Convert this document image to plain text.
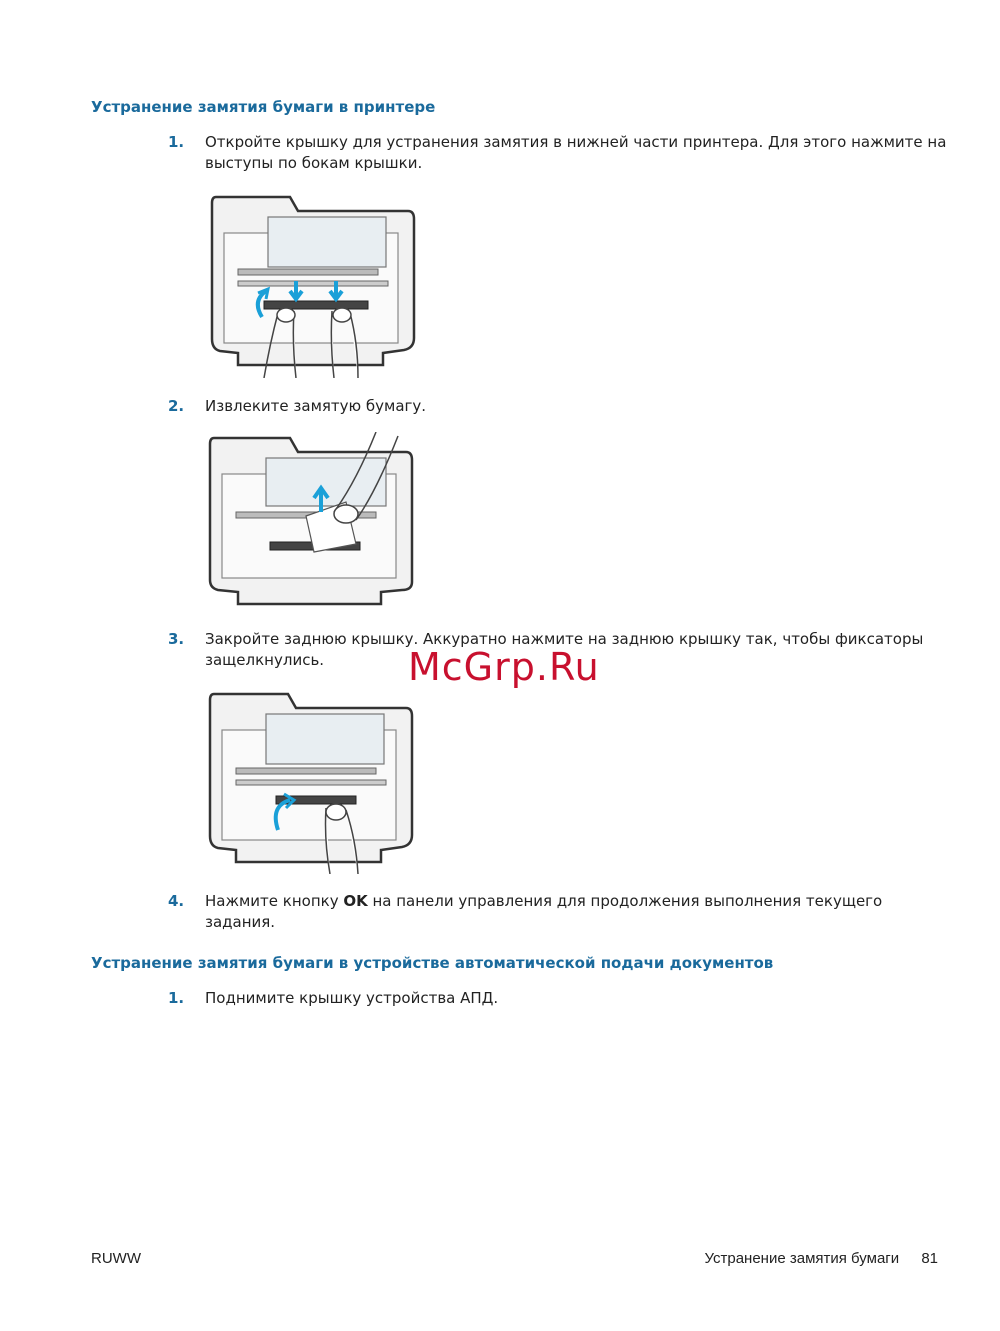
Устранение замятия бумаги в принтере
1.	Откройте крышку для устранения замятия в нижней части принтера. Для этого нажмите на выступы по бокам крышки.
2.	Извлеките замятую бумагу.
3.	Закройте заднюю крышку. Аккуратно нажмите на заднюю крышку так, чтобы фиксаторы защелкнулись.	McGrp.Ru
4.	Нажмите кнопку OK на панели управления для продолжения выполнения текущего задания.
Устранение замятия бумаги в устройстве автоматической подачи документов
1.	Поднимите крышку устройства АПД.
RUWW	Устранение замятия бумаги 81
